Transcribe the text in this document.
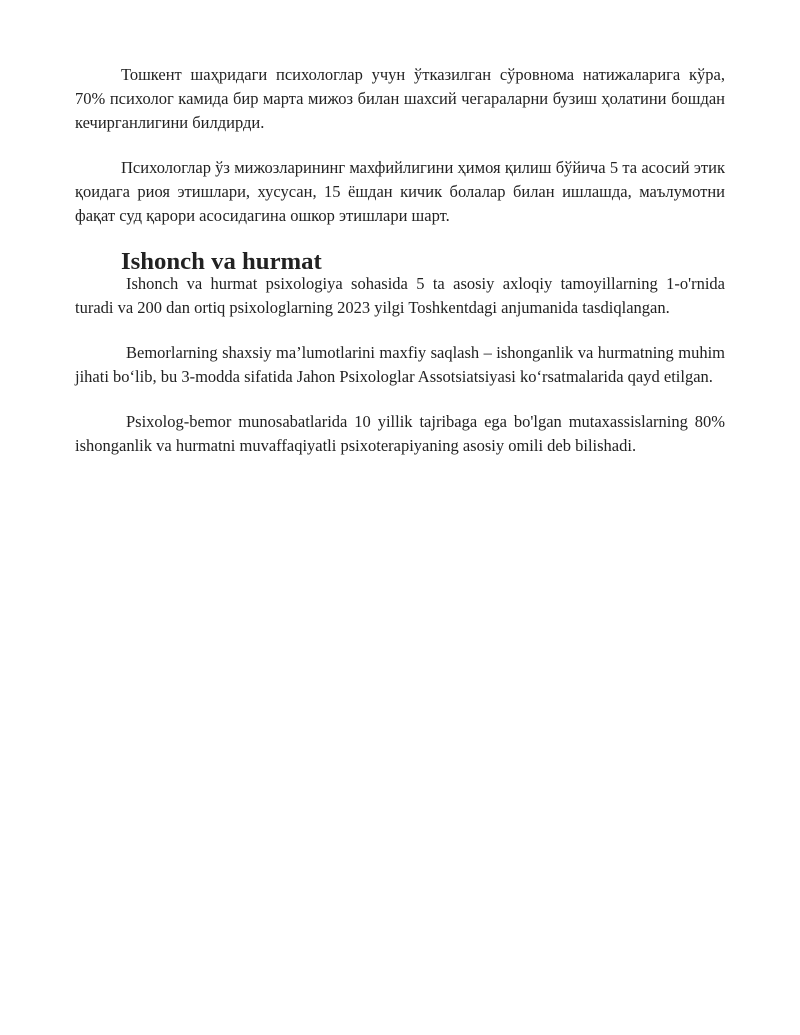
Тошкент шаҳридаги психологлар учун ўтказилган сўровнома натижаларига кўра, 70% психолог камида бир марта мижоз билан шахсий чегараларни бузиш ҳолатини бошдан кечирганлигини билдирди.

Психологлар ўз мижозларининг махфийлигини ҳимоя қилиш бўйича 5 та асосий этик қоидага риоя этишлари, хусусан, 15 ёшдан кичик болалар билан ишлашда, маълумотни фақат суд қарори асосидагина ошкор этишлари шарт.

Ishonch va hurmat

Ishonch va hurmat psixologiya sohasida 5 ta asosiy axloqiy tamoyillarning 1-o'rnida turadi va 200 dan ortiq psixologlarning 2023 yilgi Toshkentdagi anjumanida tasdiqlangan.

Bemorlarning shaxsiy ma’lumotlarini maxfiy saqlash – ishonganlik va hurmatning muhim jihati bo‘lib, bu 3-modda sifatida Jahon Psixologlar Assotsiatsiyasi ko‘rsatmalarida qayd etilgan.

Psixolog-bemor munosabatlarida 10 yillik tajribaga ega bo'lgan mutaxassislarning 80% ishonganlik va hurmatni muvaffaqiyatli psixoterapiyaning asosiy omili deb bilishadi.
